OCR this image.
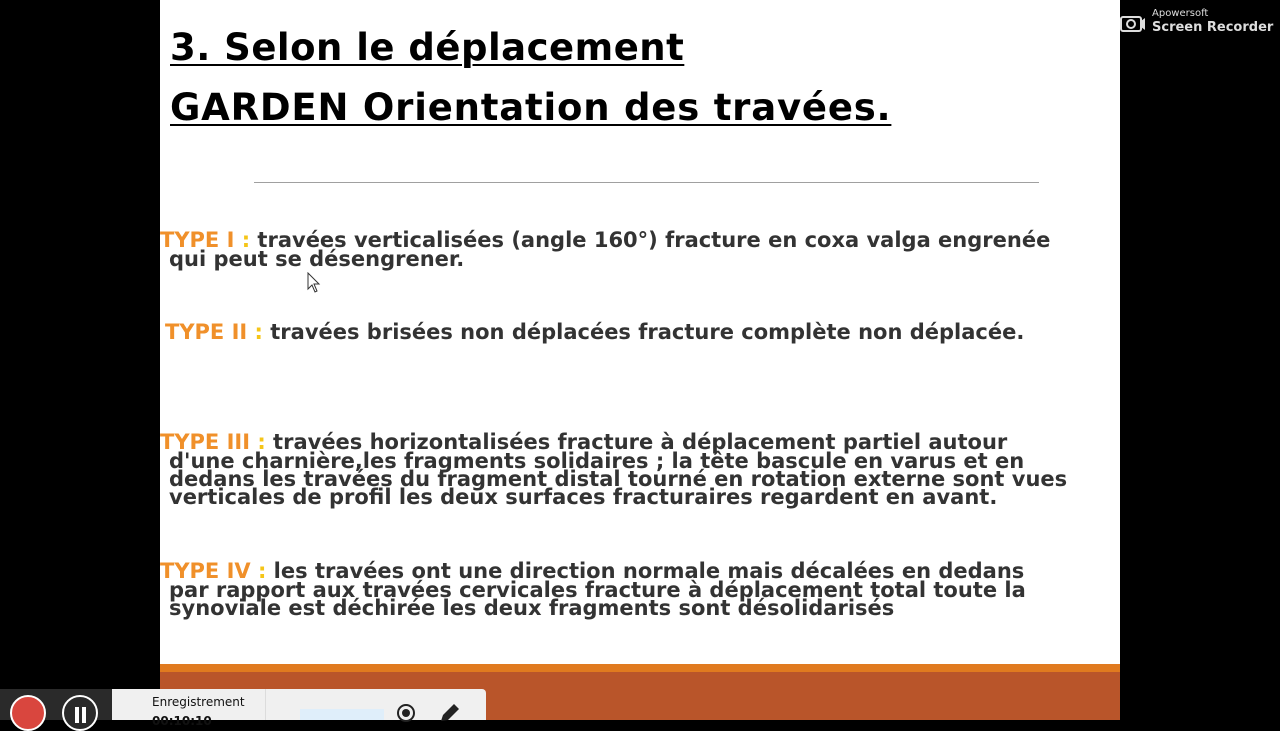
3. Selon le déplacement
GARDEN Orientation des travées.
TYPE I : travées verticalisées (angle 160°) fracture en coxa valga engrenée
qui peut se désengrener.
TYPE II : travées brisées non déplacées fracture complète non déplacée.
TYPE III : travées horizontalisées fracture à déplacement partiel autour
d'une charnière,les fragments solidaires ; la tête bascule en varus et en
dedans les travées du fragment distal tourné en rotation externe sont vues
verticales de profil les deux surfaces fracturaires regardent en avant.
TYPE IV : les travées ont une direction normale mais décalées en dedans
par rapport aux travées cervicales fracture à déplacement total toute la
synoviale est déchirée les deux fragments sont désolidarisés
Apowersoft
Screen Recorder
Enregistrement
00:10:10
